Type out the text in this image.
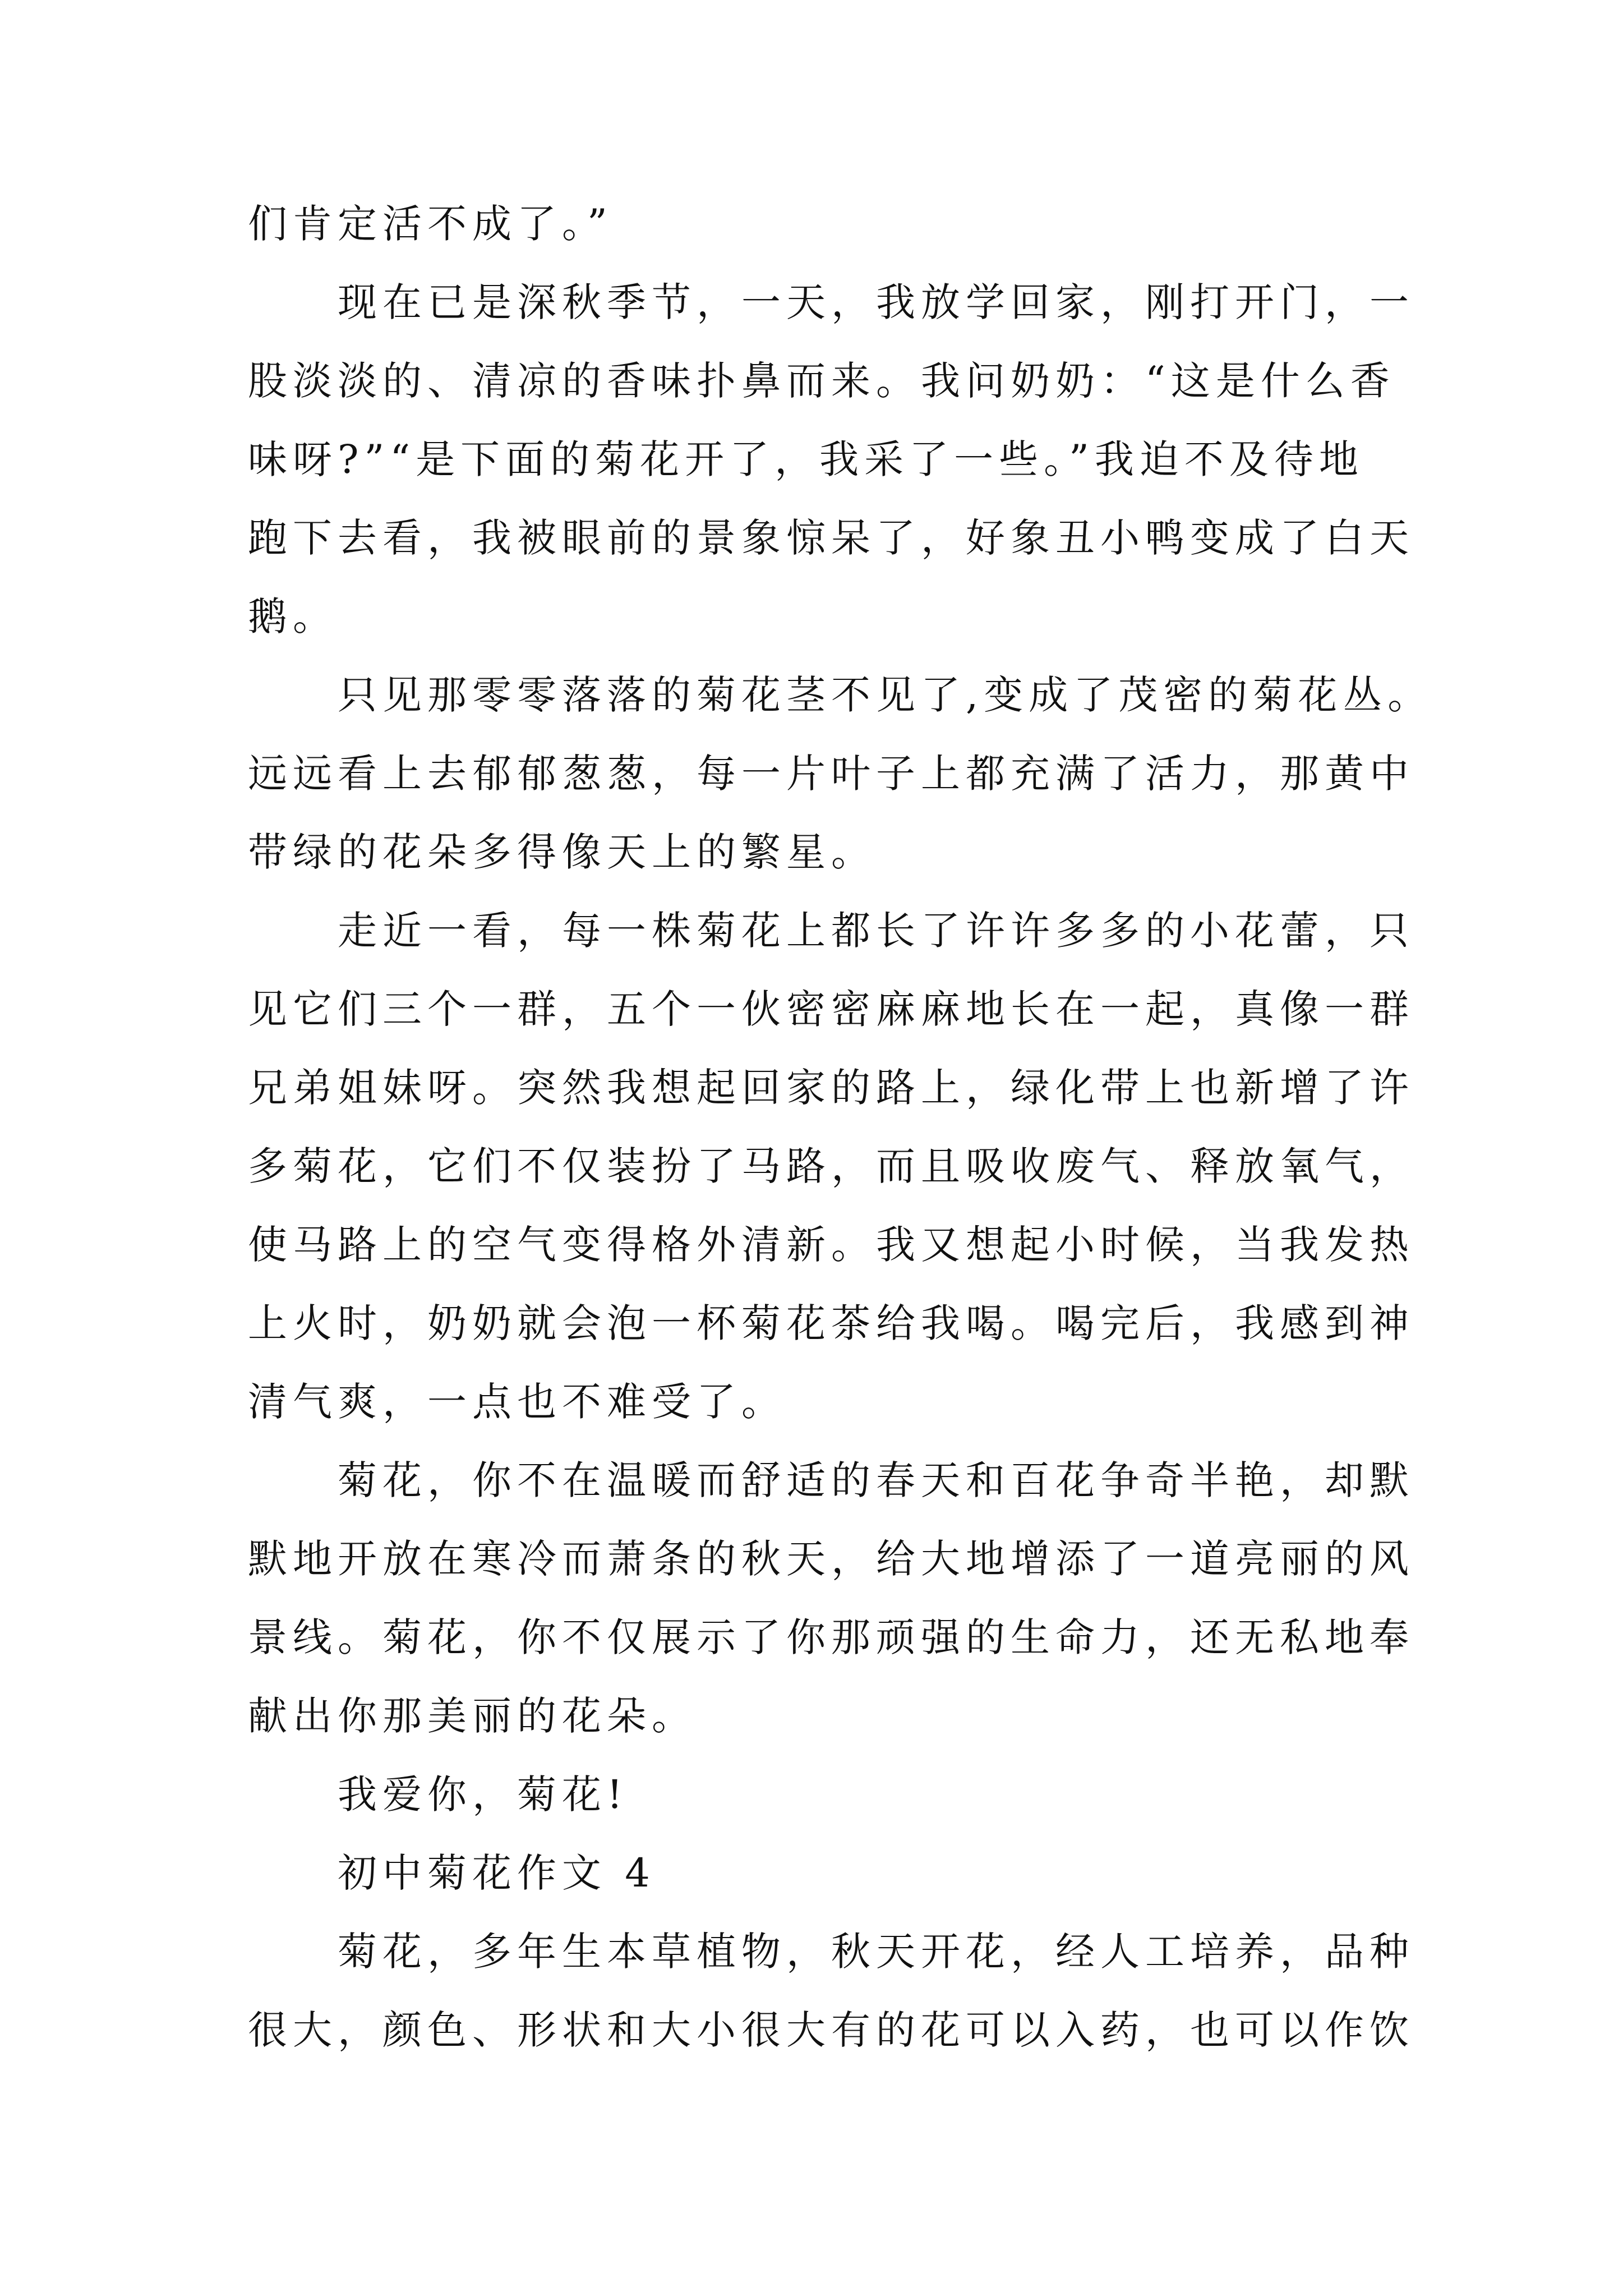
们肯定活不成了。”
现在已是深秋季节，一天，我放学回家，刚打开门，一
股淡淡的、清凉的香味扑鼻而来。我问奶奶：“这是什么香
味呀?”“是下面的菊花开了，我采了一些。”我迫不及待地
跑下去看，我被眼前的景象惊呆了，好象丑小鸭变成了白天
鹅。
只见那零零落落的菊花茎不见了,变成了茂密的菊花丛。
远远看上去郁郁葱葱，每一片叶子上都充满了活力，那黄中
带绿的花朵多得像天上的繁星。
走近一看，每一株菊花上都长了许许多多的小花蕾，只
见它们三个一群，五个一伙密密麻麻地长在一起，真像一群
兄弟姐妹呀。突然我想起回家的路上，绿化带上也新增了许
多菊花，它们不仅装扮了马路，而且吸收废气、释放氧气，
使马路上的空气变得格外清新。我又想起小时候，当我发热
上火时，奶奶就会泡一杯菊花茶给我喝。喝完后，我感到神
清气爽，一点也不难受了。
菊花，你不在温暖而舒适的春天和百花争奇半艳，却默
默地开放在寒冷而萧条的秋天，给大地增添了一道亮丽的风
景线。菊花，你不仅展示了你那顽强的生命力，还无私地奉
献出你那美丽的花朵。
我爱你，菊花!
初中菊花作文 4
菊花，多年生本草植物，秋天开花，经人工培养，品种
很大，颜色、形状和大小很大有的花可以入药，也可以作饮
